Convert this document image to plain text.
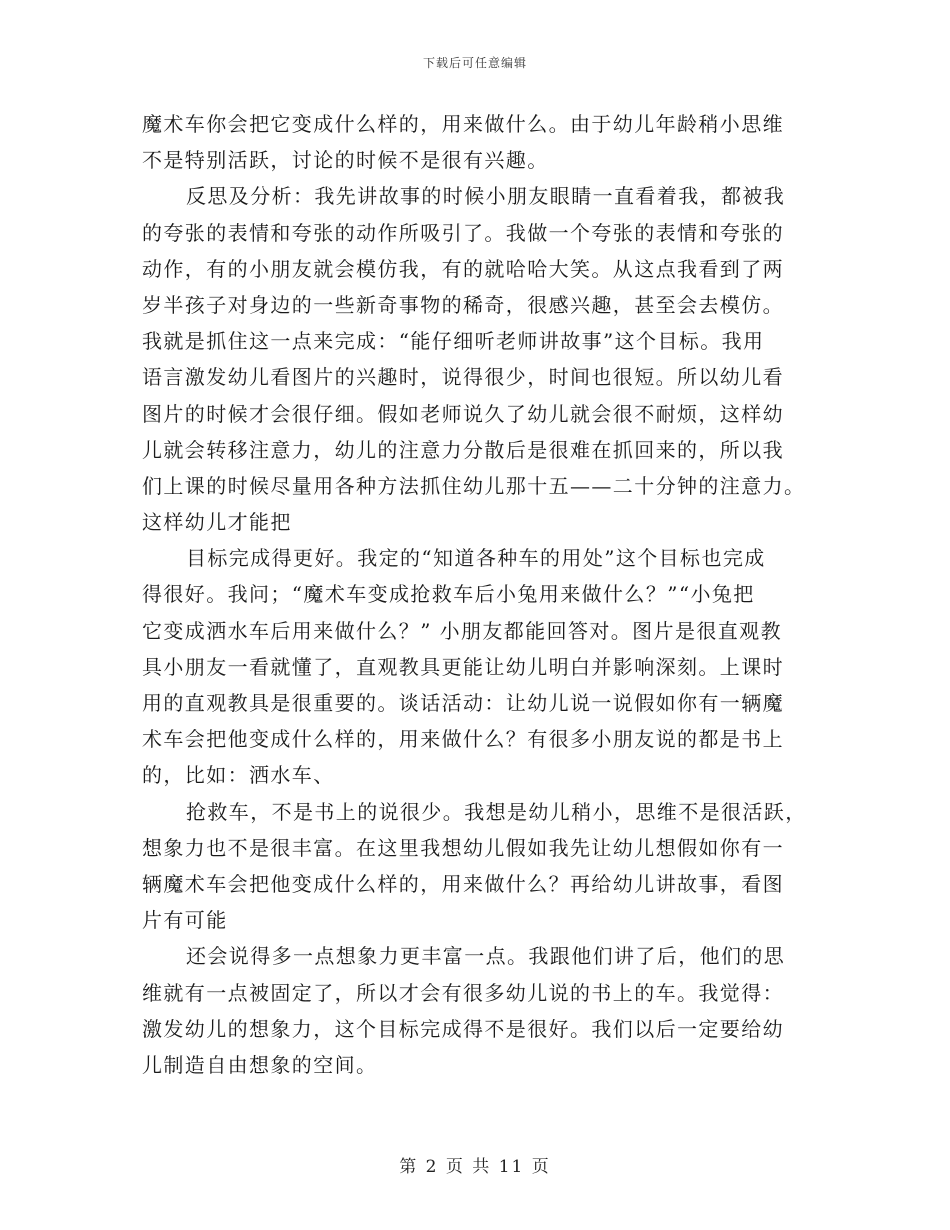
下载后可任意编辑
魔术车你会把它变成什么样的，用来做什么。由于幼儿年龄稍小思维
不是特别活跃，讨论的时候不是很有兴趣。
反思及分析：我先讲故事的时候小朋友眼睛一直看着我，都被我
的夸张的表情和夸张的动作所吸引了。我做一个夸张的表情和夸张的
动作，有的小朋友就会模仿我，有的就哈哈大笑。从这点我看到了两
岁半孩子对身边的一些新奇事物的稀奇，很感兴趣，甚至会去模仿。
我就是抓住这一点来完成：“能仔细听老师讲故事”这个目标。我用
语言激发幼儿看图片的兴趣时，说得很少，时间也很短。所以幼儿看
图片的时候才会很仔细。假如老师说久了幼儿就会很不耐烦，这样幼
儿就会转移注意力，幼儿的注意力分散后是很难在抓回来的，所以我
们上课的时候尽量用各种方法抓住幼儿那十五——二十分钟的注意力。
这样幼儿才能把
目标完成得更好。我定的“知道各种车的用处”这个目标也完成
得很好。我问；“魔术车变成抢救车后小兔用来做什么？”“小兔把
它变成洒水车后用来做什么？” 小朋友都能回答对。图片是很直观教
具小朋友一看就懂了，直观教具更能让幼儿明白并影响深刻。上课时
用的直观教具是很重要的。谈话活动：让幼儿说一说假如你有一辆魔
术车会把他变成什么样的，用来做什么？有很多小朋友说的都是书上
的，比如：洒水车、
抢救车，不是书上的说很少。我想是幼儿稍小，思维不是很活跃，
想象力也不是很丰富。在这里我想幼儿假如我先让幼儿想假如你有一
辆魔术车会把他变成什么样的，用来做什么？再给幼儿讲故事，看图
片有可能
还会说得多一点想象力更丰富一点。我跟他们讲了后，他们的思
维就有一点被固定了，所以才会有很多幼儿说的书上的车。我觉得：
激发幼儿的想象力，这个目标完成得不是很好。我们以后一定要给幼
儿制造自由想象的空间。
第 2 页 共 11 页
